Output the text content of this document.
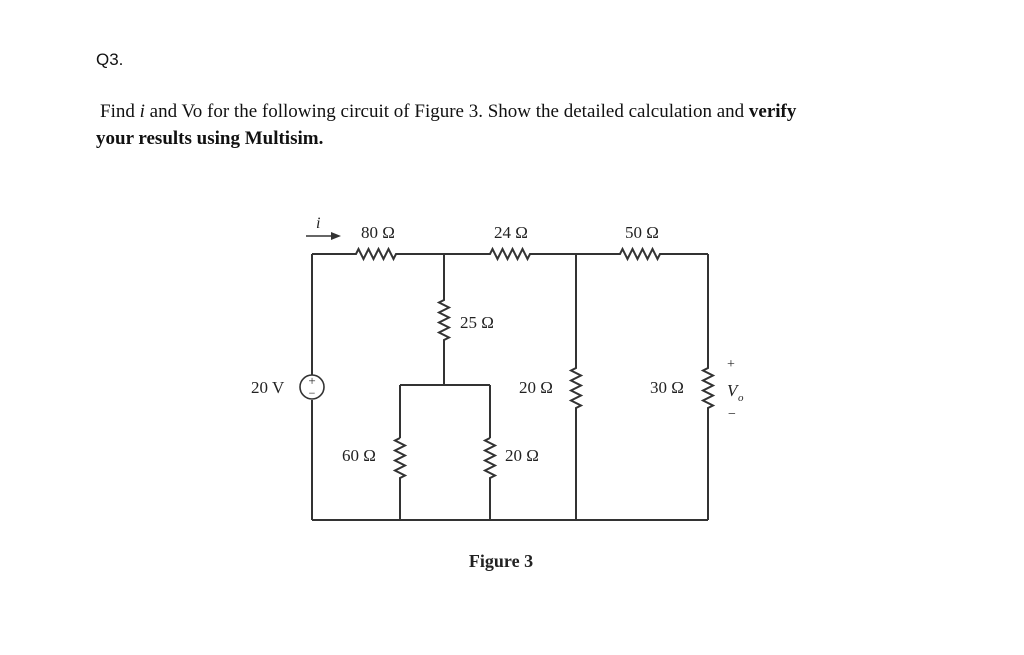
Q3.
Find i and Vo for the following circuit of Figure 3. Show the detailed calculation and verify
your results using Multisim.
i
+
−
20 V
80 Ω	24 Ω	50 Ω
25 Ω
20 Ω
60 Ω	20 Ω
30 Ω
+
V o
−
Figure 3
